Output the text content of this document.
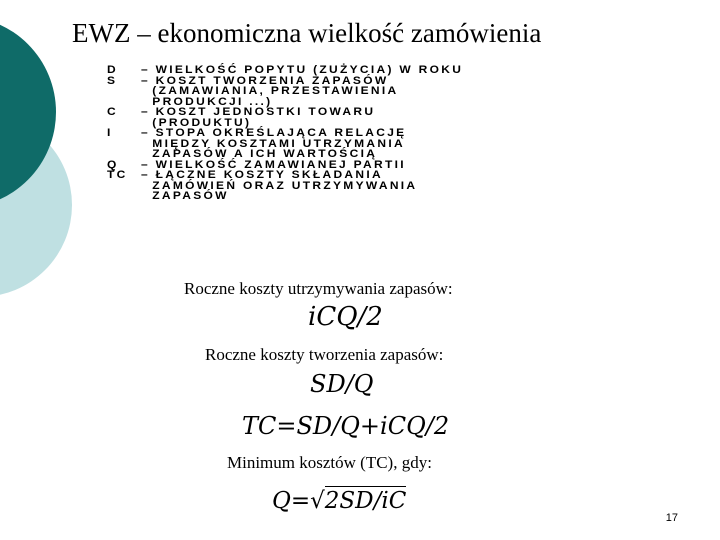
EWZ – ekonomiczna wielkość zamówienia
D	– WIELKOŚĆ POPYTU (ZUŻYCIA) W ROKU
S	– KOSZT TWORZENIA ZAPASÓW
(ZAMAWIANIA, PRZESTAWIENIA
PRODUKCJI ...)
C	– KOSZT JEDNOSTKI TOWARU
(PRODUKTU)
I	– STOPA OKREŚLAJĄCA RELACJĘ
MIĘDZY KOSZTAMI UTRZYMANIA
ZAPASÓW A ICH WARTOŚCIĄ
Q	– WIELKOŚĆ ZAMAWIANEJ PARTII
TC	– ŁĄCZNE KOSZTY SKŁADANIA
ZAMÓWIEŃ ORAZ UTRZYMYWANIA
ZAPASÓW
Roczne koszty utrzymywania zapasów:
iCQ/2
Roczne koszty tworzenia zapasów:
SD/Q
TC=SD/Q+iCQ/2
Minimum kosztów (TC), gdy:
Q=√2SD/iC
17
